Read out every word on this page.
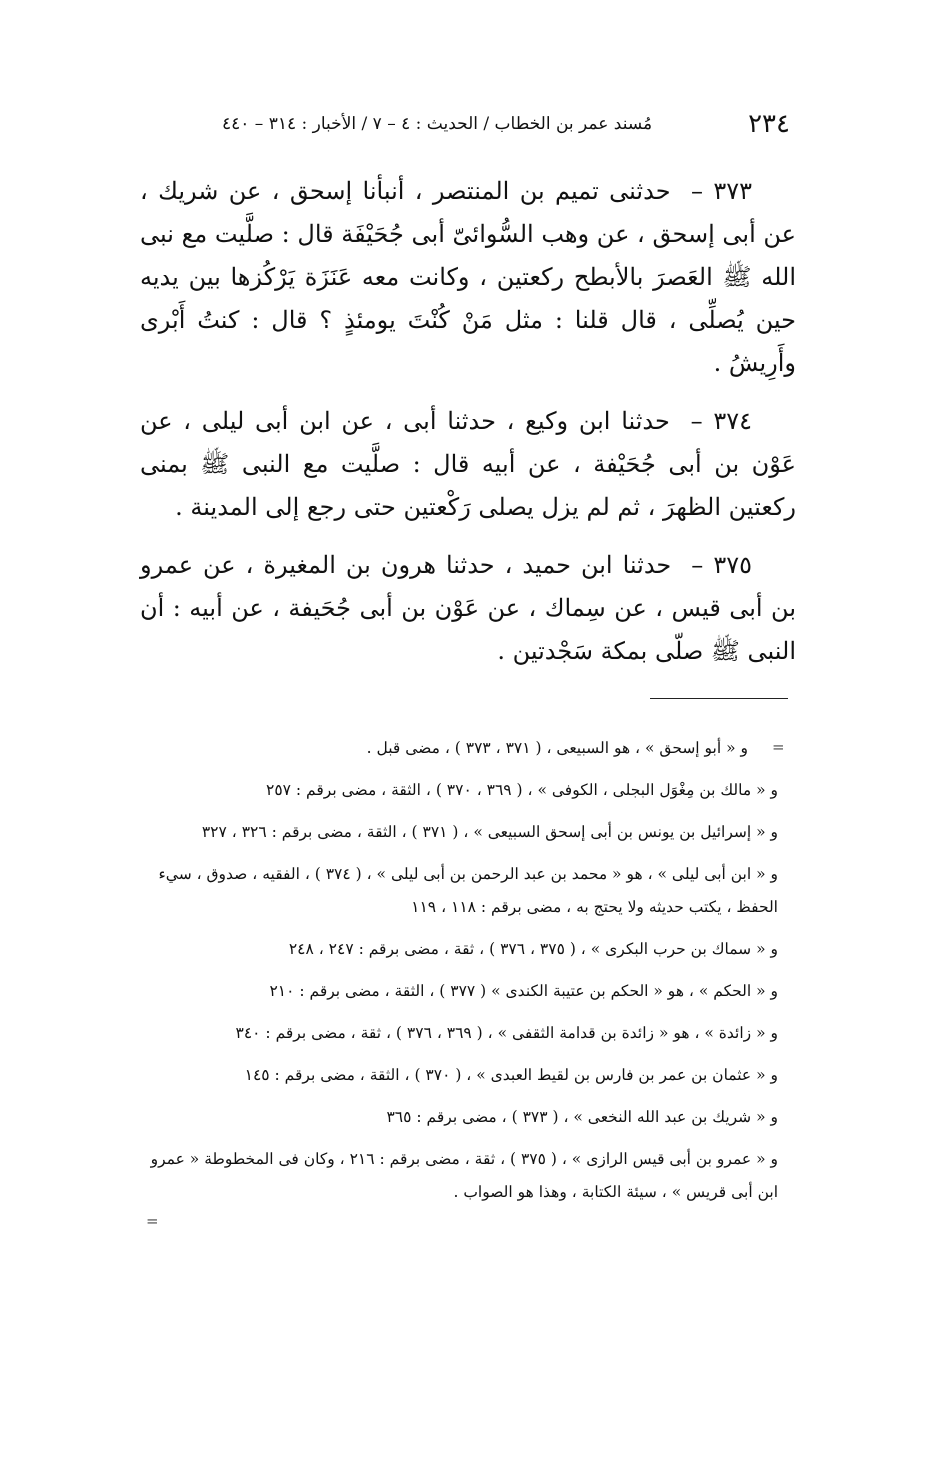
٢٣٤
مُسند عمر بن الخطاب / الحديث : ٤ – ٧ / الأخبار : ٣١٤ – ٤٤٠

٣٧٣ – حدثنى تميم بن المنتصر ، أنبأنا إسحق ، عن شريك ، عن أبى إسحق ، عن وهب السُّوائىّ أبى جُحَيْفَة قال : صلَّيت مع نبى الله ﷺ العَصرَ بالأبطح ركعتين ، وكانت معه عَنَزَة يَرْكُزها بين يديه حين يُصلِّى ، قال قلنا : مثل مَنْ كُنْتَ يومئذٍ ؟ قال : كنتُ أَبْرى وأَرِيشُ .

٣٧٤ – حدثنا ابن وكيع ، حدثنا أبى ، عن ابن أبى ليلى ، عن عَوْن بن أبى جُحَيْفة ، عن أبيه قال : صلَّيت مع النبى ﷺ بمنى ركعتين الظهرَ ، ثم لم يزل يصلى رَكْعتين حتى رجع إلى المدينة .

٣٧٥ – حدثنا ابن حميد ، حدثنا هرون بن المغيرة ، عن عمرو بن أبى قيس ، عن سِماك ، عن عَوْن بن أبى جُحَيفة ، عن أبيه : أن النبى ﷺ صلّى بمكة سَجْدتين .

=

و « أبو إسحق » ، هو السبيعى ، ( ٣٧١ ، ٣٧٣ ) ، مضى قبل .

و « مالك بن مِغْوَل البجلى ، الكوفى » ، ( ٣٦٩ ، ٣٧٠ ) ، الثقة ، مضى برقم : ٢٥٧

و « إسرائيل بن يونس بن أبى إسحق السبيعى » ، ( ٣٧١ ) ، الثقة ، مضى برقم : ٣٢٦ ، ٣٢٧

و « ابن أبى ليلى » ، هو « محمد بن عبد الرحمن بن أبى ليلى » ، ( ٣٧٤ ) ، الفقيه ، صدوق ، سيء الحفظ ، يكتب حديثه ولا يحتج به ، مضى برقم : ١١٨ ، ١١٩

و « سماك بن حرب البكرى » ، ( ٣٧٥ ، ٣٧٦ ) ، ثقة ، مضى برقم : ٢٤٧ ، ٢٤٨

و « الحكم » ، هو « الحكم بن عتيبة الكندى » ( ٣٧٧ ) ، الثقة ، مضى برقم : ٢١٠

و « زائدة » ، هو « زائدة بن قدامة الثقفى » ، ( ٣٦٩ ، ٣٧٦ ) ، ثقة ، مضى برقم : ٣٤٠

و « عثمان بن عمر بن فارس بن لقيط العبدى » ، ( ٣٧٠ ) ، الثقة ، مضى برقم : ١٤٥

و « شريك بن عبد الله النخعى » ، ( ٣٧٣ ) ، مضى برقم : ٣٦٥

و « عمرو بن أبى قيس الرازى » ، ( ٣٧٥ ) ، ثقة ، مضى برقم : ٢١٦ ، وكان فى المخطوطة « عمرو ابن أبى قريس » ، سيئة الكتابة ، وهذا هو الصواب .

=
